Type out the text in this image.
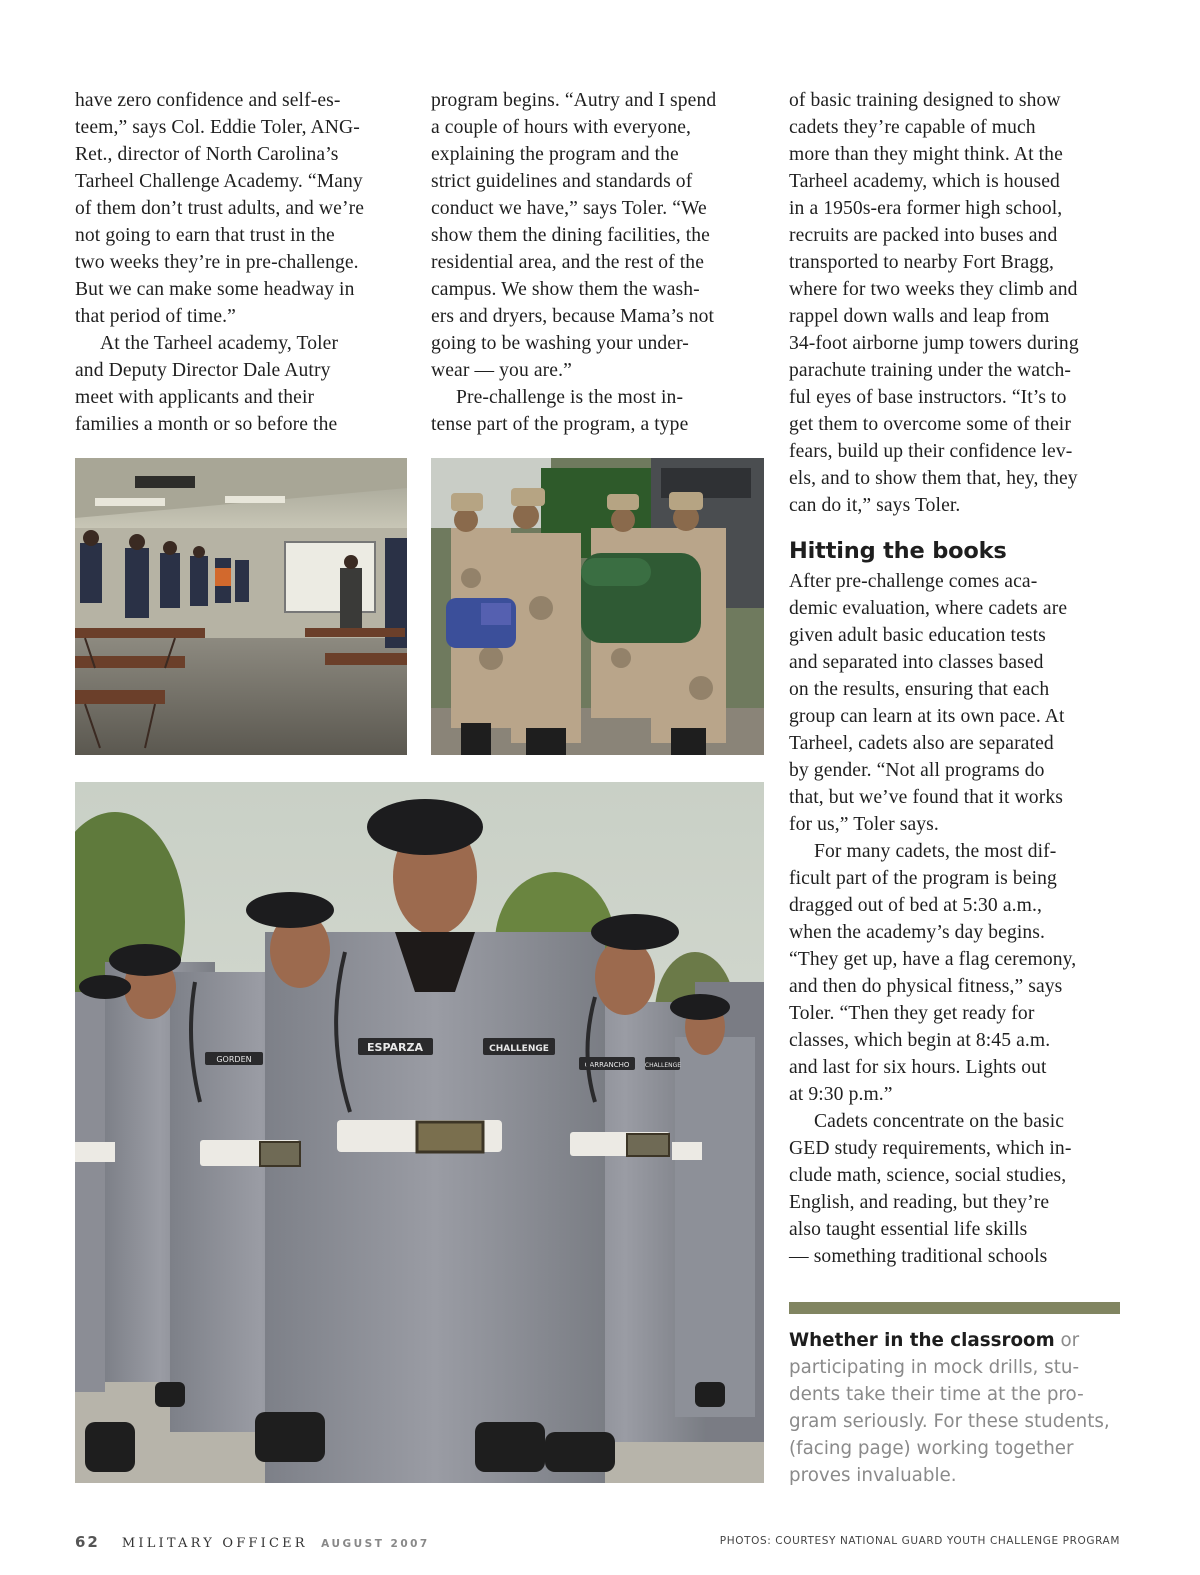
have zero confidence and self-es-
teem,” says Col. Eddie Toler, ANG-
Ret., director of North Carolina’s
Tarheel Challenge Academy. “Many
of them don’t trust adults, and we’re
not going to earn that trust in the
two weeks they’re in pre-challenge.
But we can make some headway in
that period of time.”

At the Tarheel academy, Toler
and Deputy Director Dale Autry
meet with applicants and their
families a month or so before the

program begins. “Autry and I spend
a couple of hours with everyone,
explaining the program and the
strict guidelines and standards of
conduct we have,” says Toler. “We
show them the dining facilities, the
residential area, and the rest of the
campus. We show them the wash-
ers and dryers, because Mama’s not
going to be washing your under-
wear — you are.”

Pre-challenge is the most in-
tense part of the program, a type

of basic training designed to show
cadets they’re capable of much
more than they might think. At the
Tarheel academy, which is housed
in a 1950s-era former high school,
recruits are packed into buses and
transported to nearby Fort Bragg,
where for two weeks they climb and
rappel down walls and leap from
34-foot airborne jump towers during
parachute training under the watch-
ful eyes of base instructors. “It’s to
get them to overcome some of their
fears, build up their confidence lev-
els, and to show them that, hey, they
can do it,” says Toler.

Hitting the books

After pre-challenge comes aca-
demic evaluation, where cadets are
given adult basic education tests
and separated into classes based
on the results, ensuring that each
group can learn at its own pace. At
Tarheel, cadets also are separated
by gender. “Not all programs do
that, but we’ve found that it works
for us,” Toler says.

For many cadets, the most dif-
ficult part of the program is being
dragged out of bed at 5:30 a.m.,
when the academy’s day begins.
“They get up, have a flag ceremony,
and then do physical fitness,” says
Toler. “Then they get ready for
classes, which begin at 8:45 a.m.
and last for six hours. Lights out
at 9:30 p.m.”

Cadets concentrate on the basic
GED study requirements, which in-
clude math, science, social studies,
English, and reading, but they’re
also taught essential life skills
— something traditional schools

ESPARZA	CHALLENGE
GORDEN
CARRANCHO	CHALLENGE
Whether in the classroom or
participating in mock drills, stu-
dents take their time at the pro-
gram seriously. For these students,
(facing page) working together
proves invaluable.
62 MILITARY OFFICER AUGUST 2007	PHOTOS: COURTESY NATIONAL GUARD YOUTH CHALLENGE PROGRAM
